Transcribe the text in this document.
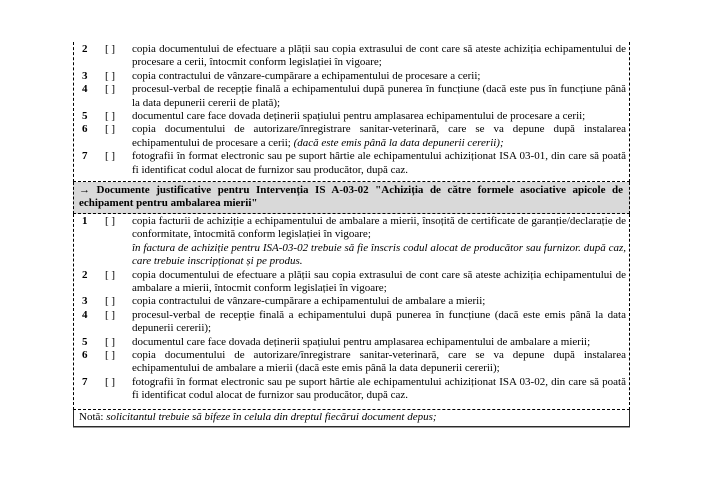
2	[ ]	copia documentului de efectuare a plății sau copia extrasului de cont care să ateste achiziția echipamentului de procesare a cerii, întocmit conform legislației în vigoare;
3	[ ]	copia contractului de vânzare-cumpărare a echipamentului de procesare a cerii;
4	[ ]	procesul-verbal de recepție finală a echipamentului după punerea în funcțiune (dacă este pus în funcțiune până la data depunerii cererii de plată);
5	[ ]	documentul care face dovada deținerii spațiului pentru amplasarea echipamentului de procesare a cerii;
6	[ ]	copia documentului de autorizare/înregistrare sanitar-veterinară, care se va depune după instalarea echipamentului de procesare a cerii; (dacă este emis până la data depunerii cererii);
7	[ ]	fotografii în format electronic sau pe suport hârtie ale echipamentului achiziționat ISA 03-01, din care să poată fi identificat codul alocat de furnizor sau producător, după caz.
→ Documente justificative pentru Intervenția IS A-03-02 "Achiziția de către formele asociative apicole de echipament pentru ambalarea mierii"
1	[ ]	copia facturii de achiziție a echipamentului de ambalare a mierii, însoțită de certificate de garanție/declarație de conformitate, întocmită conform legislației în vigoare;
în factura de achiziție pentru ISA-03-02 trebuie să fie înscris codul alocat de producător sau furnizor. după caz, care trebuie inscripționat și pe produs.
2	[ ]	copia documentului de efectuare a plății sau copia extrasului de cont care să ateste achiziția echipamentului de ambalare a mierii, întocmit conform legislației în vigoare;
3	[ ]	copia contractului de vânzare-cumpărare a echipamentului de ambalare a mierii;
4	[ ]	procesul-verbal de recepție finală a echipamentului după punerea în funcțiune (dacă este emis până la data depunerii cererii);
5	[ ]	documentul care face dovada deținerii spațiului pentru amplasarea echipamentului de ambalare a mierii;
6	[ ]	copia documentului de autorizare/înregistrare sanitar-veterinară, care se va depune după instalarea echipamentului de ambalare a mierii (dacă este emis până la data depunerii cererii);
7	[ ]	fotografii în format electronic sau pe suport hârtie ale echipamentului achiziționat ISA 03-02, din care să poată fi identificat codul alocat de furnizor sau producător, după caz.
Notă: solicitantul trebuie să bifeze în celula din dreptul fiecărui document depus;
